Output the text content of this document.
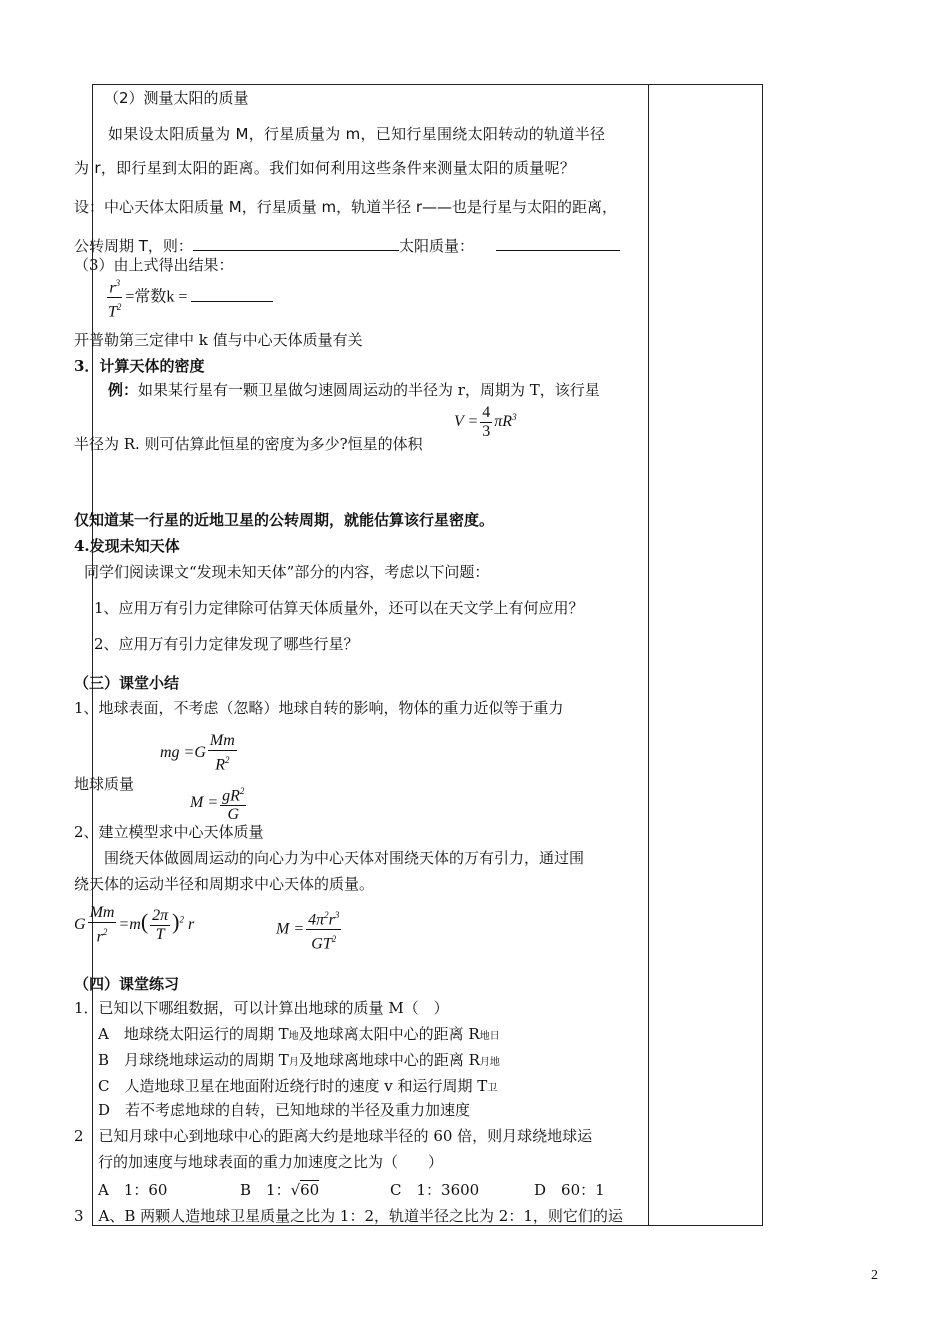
（2）测量太阳的质量
如果设太阳质量为 M，行星质量为 m，已知行星围绕太阳转动的轨道半径
为 r，即行星到太阳的距离。我们如何利用这些条件来测量太阳的质量呢？
设：中心天体太阳质量 M，行星质量 m，轨道半径 r——也是行星与太阳的距离，
公转周期 T，则：	太阳质量：
（3）由上式得出结果：
$\frac{r^3}{T^2}$ =常数k =
开普勒第三定律中 k 值与中心天体质量有关
3．计算天体的密度
例：如果某行星有一颗卫星做匀速圆周运动的半径为 r，周期为 T，该行星
$V = \frac{4}{3} \pi R^3$
半径为 R. 则可估算此恒星的密度为多少?恒星的体积
仅知道某一行星的近地卫星的公转周期，就能估算该行星密度。
4.发现未知天体
同学们阅读课文“发现未知天体”部分的内容，考虑以下问题：
1、应用万有引力定律除可估算天体质量外，还可以在天文学上有何应用？
2、应用万有引力定律发现了哪些行星？
（三）课堂小结
1、地球表面，不考虑（忽略）地球自转的影响，物体的重力近似等于重力
mg $=G \frac{Mm}{R^2}$
地球质量
$M = \frac{gR^2}{G}$
2、建立模型求中心天体质量
围绕天体做圆周运动的向心力为中心天体对围绕天体的万有引力，通过围
绕天体的运动半径和周期求中心天体的质量。
G $\frac{Mm}{r^2} =m( \frac{2\pi}{T} )^2$ r	$M = \frac{4\pi^2r^3}{GT^2}$
（四）课堂练习
1．已知以下哪组数据，可以计算出地球的质量 M（　）
A　地球绕太阳运行的周期 T地及地球离太阳中心的距离 R地日
B　月球绕地球运动的周期 T月及地球离地球中心的距离 R月地
C　人造地球卫星在地面附近绕行时的速度 v 和运行周期 T卫
D　若不考虑地球的自转，已知地球的半径及重力加速度
2　已知月球中心到地球中心的距离大约是地球半径的 60 倍，则月球绕地球运
行的加速度与地球表面的重力加速度之比为（　　）
A　1：60	B　1：√60	C　1：3600	D　60：1
3　A、B 两颗人造地球卫星质量之比为 1：2，轨道半径之比为 2：1，则它们的运
2
